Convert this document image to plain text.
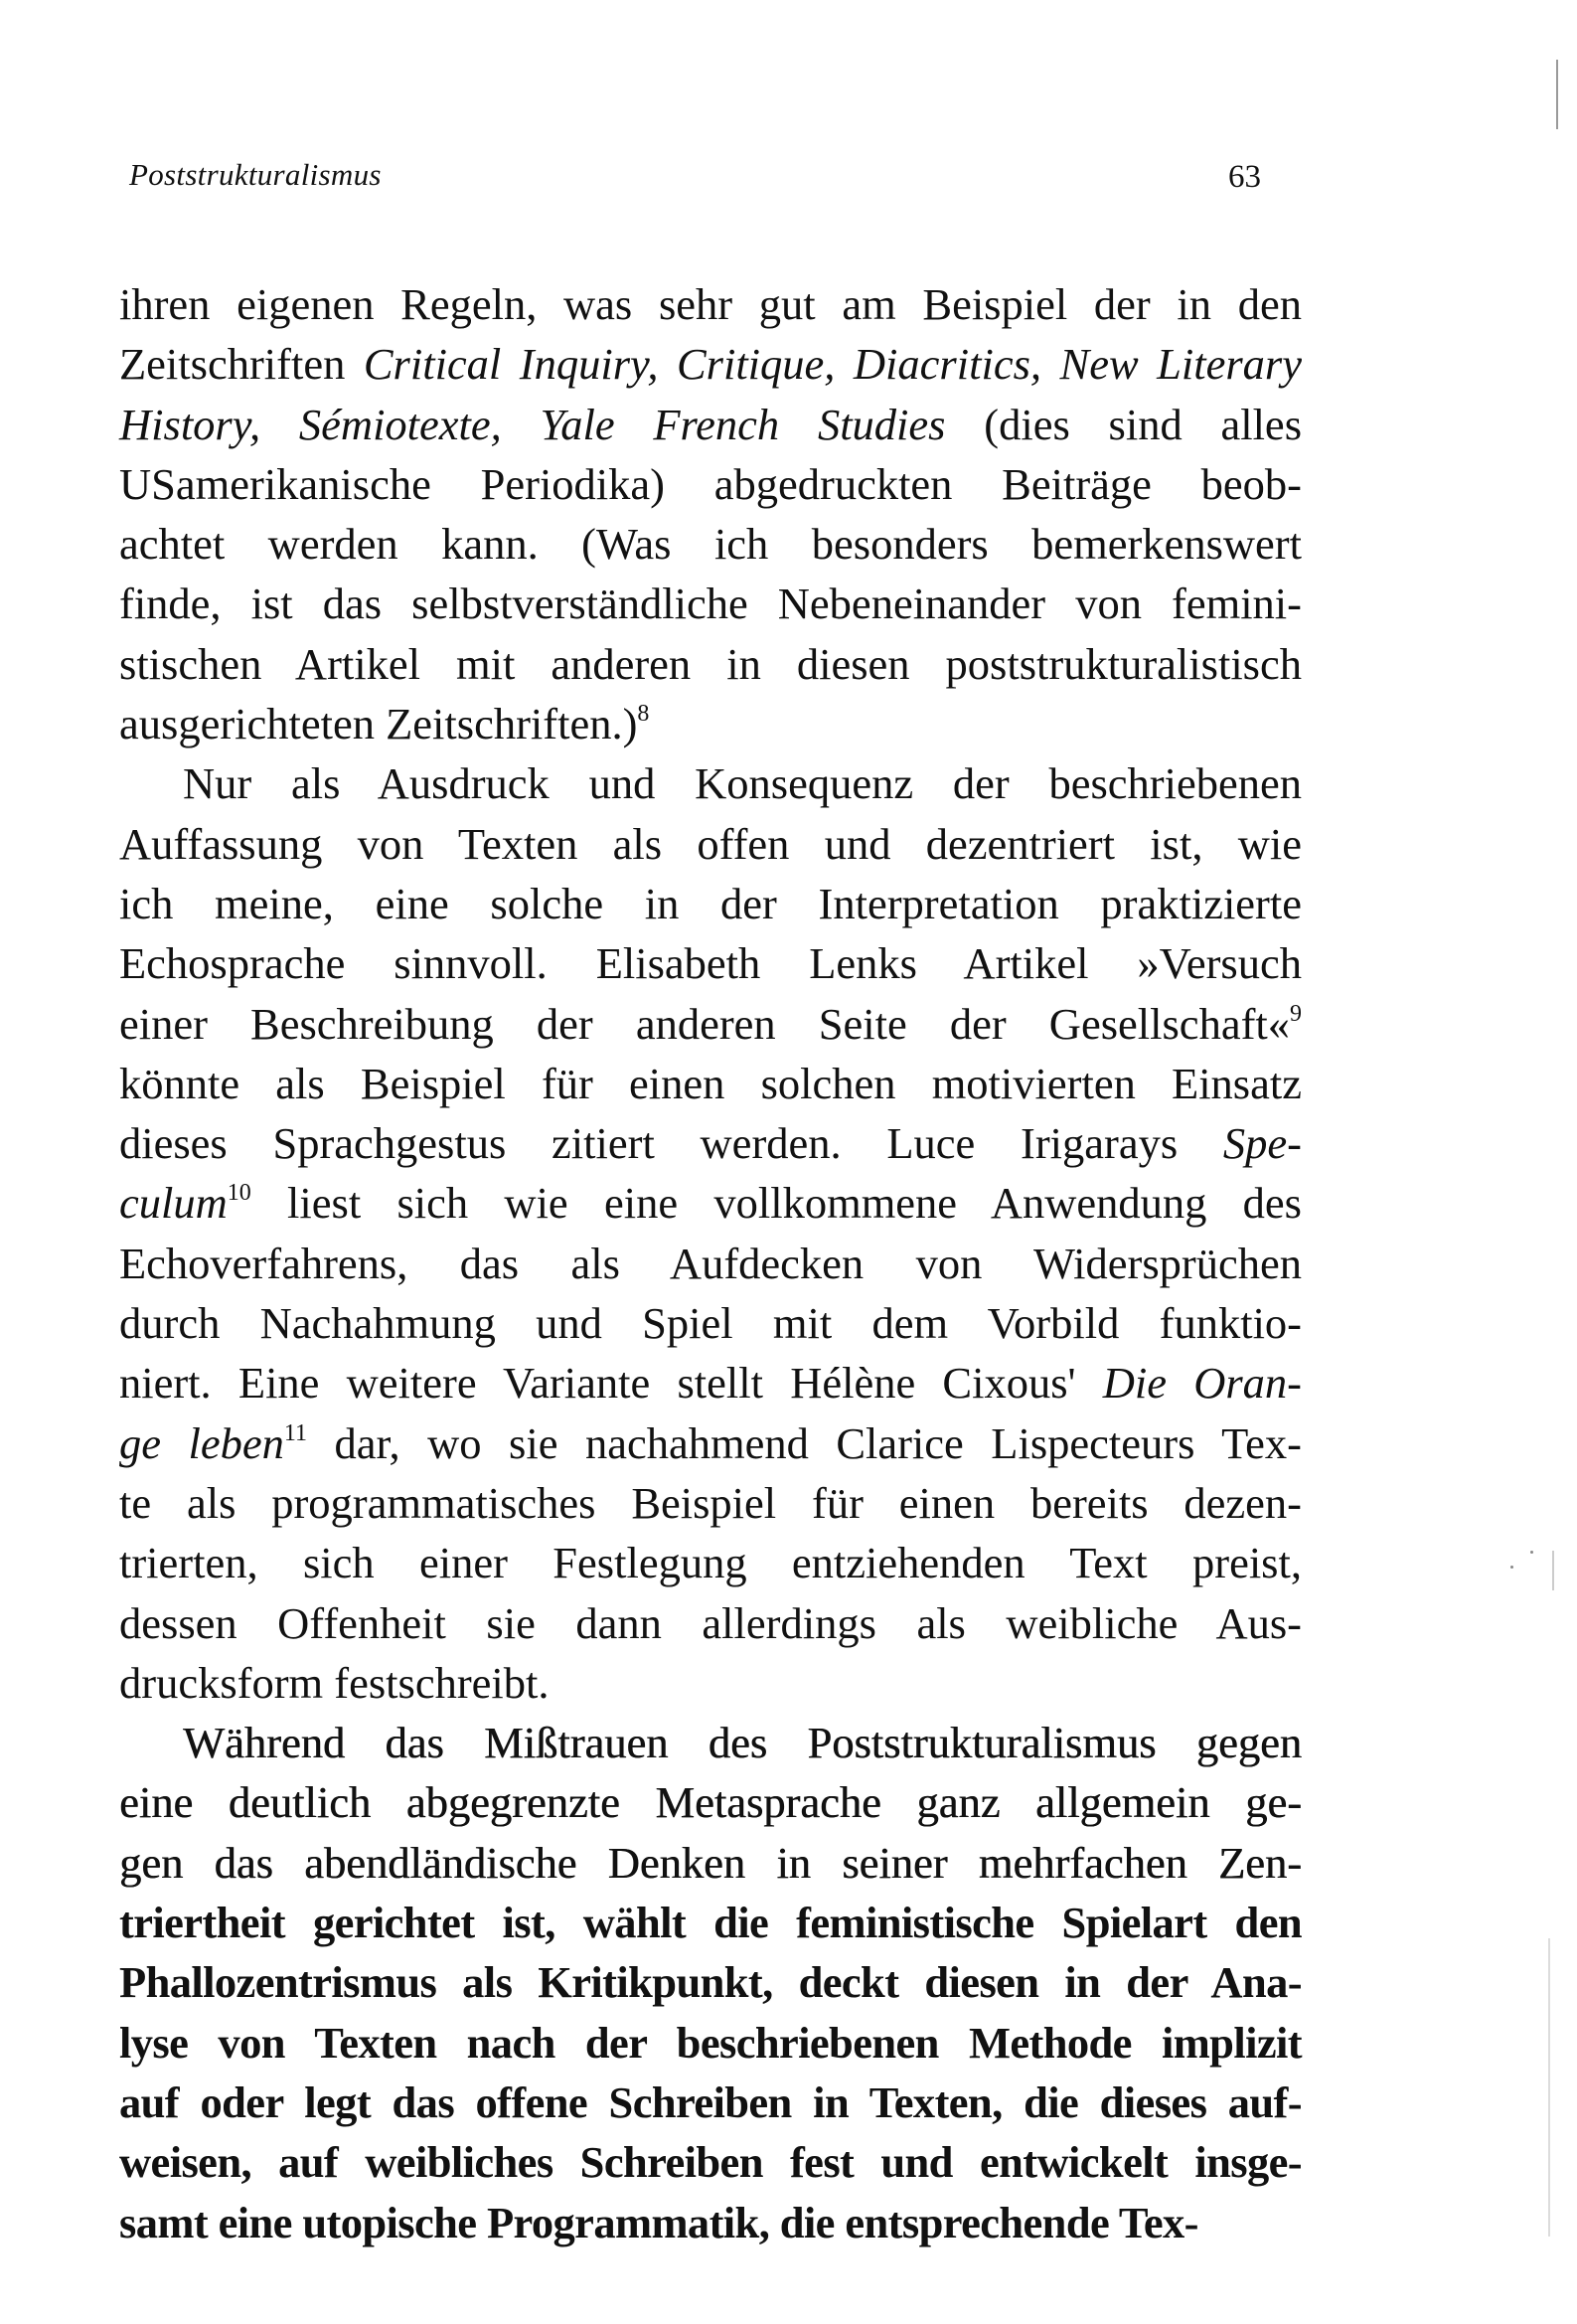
Poststrukturalismus	63
ihren eigenen Regeln, was sehr gut am Beispiel der in den
Zeitschriften Critical Inquiry, Critique, Diacritics, New Literary
History, Sémiotexte, Yale French Studies (dies sind alles
USamerikanische Periodika) abgedruckten Beiträge beob-
achtet werden kann. (Was ich besonders bemerkenswert
finde, ist das selbstverständliche Nebeneinander von femini-
stischen Artikel mit anderen in diesen poststrukturalistisch
ausgerichteten Zeitschriften.)$^8$
Nur als Ausdruck und Konsequenz der beschriebenen
Auffassung von Texten als offen und dezentriert ist, wie
ich meine, eine solche in der Interpretation praktizierte
Echosprache sinnvoll. Elisabeth Lenks Artikel »Versuch
einer Beschreibung der anderen Seite der Gesellschaft«$^9$
könnte als Beispiel für einen solchen motivierten Einsatz
dieses Sprachgestus zitiert werden. Luce Irigarays Spe-
culum$^{10}$ liest sich wie eine vollkommene Anwendung des
Echoverfahrens, das als Aufdecken von Widersprüchen
durch Nachahmung und Spiel mit dem Vorbild funktio-
niert. Eine weitere Variante stellt Hélène Cixous' Die Oran-
ge leben$^{11}$ dar, wo sie nachahmend Clarice Lispecteurs Tex-
te als programmatisches Beispiel für einen bereits dezen-
trierten, sich einer Festlegung entziehenden Text preist,
dessen Offenheit sie dann allerdings als weibliche Aus-
drucksform festschreibt.
Während das Mißtrauen des Poststrukturalismus gegen
eine deutlich abgegrenzte Metasprache ganz allgemein ge-
gen das abendländische Denken in seiner mehrfachen Zen-
triertheit gerichtet ist, wählt die feministische Spielart den
Phallozentrismus als Kritikpunkt, deckt diesen in der Ana-
lyse von Texten nach der beschriebenen Methode implizit
auf oder legt das offene Schreiben in Texten, die dieses auf-
weisen, auf weibliches Schreiben fest und entwickelt insge-
samt eine utopische Programmatik, die entsprechende Tex-
